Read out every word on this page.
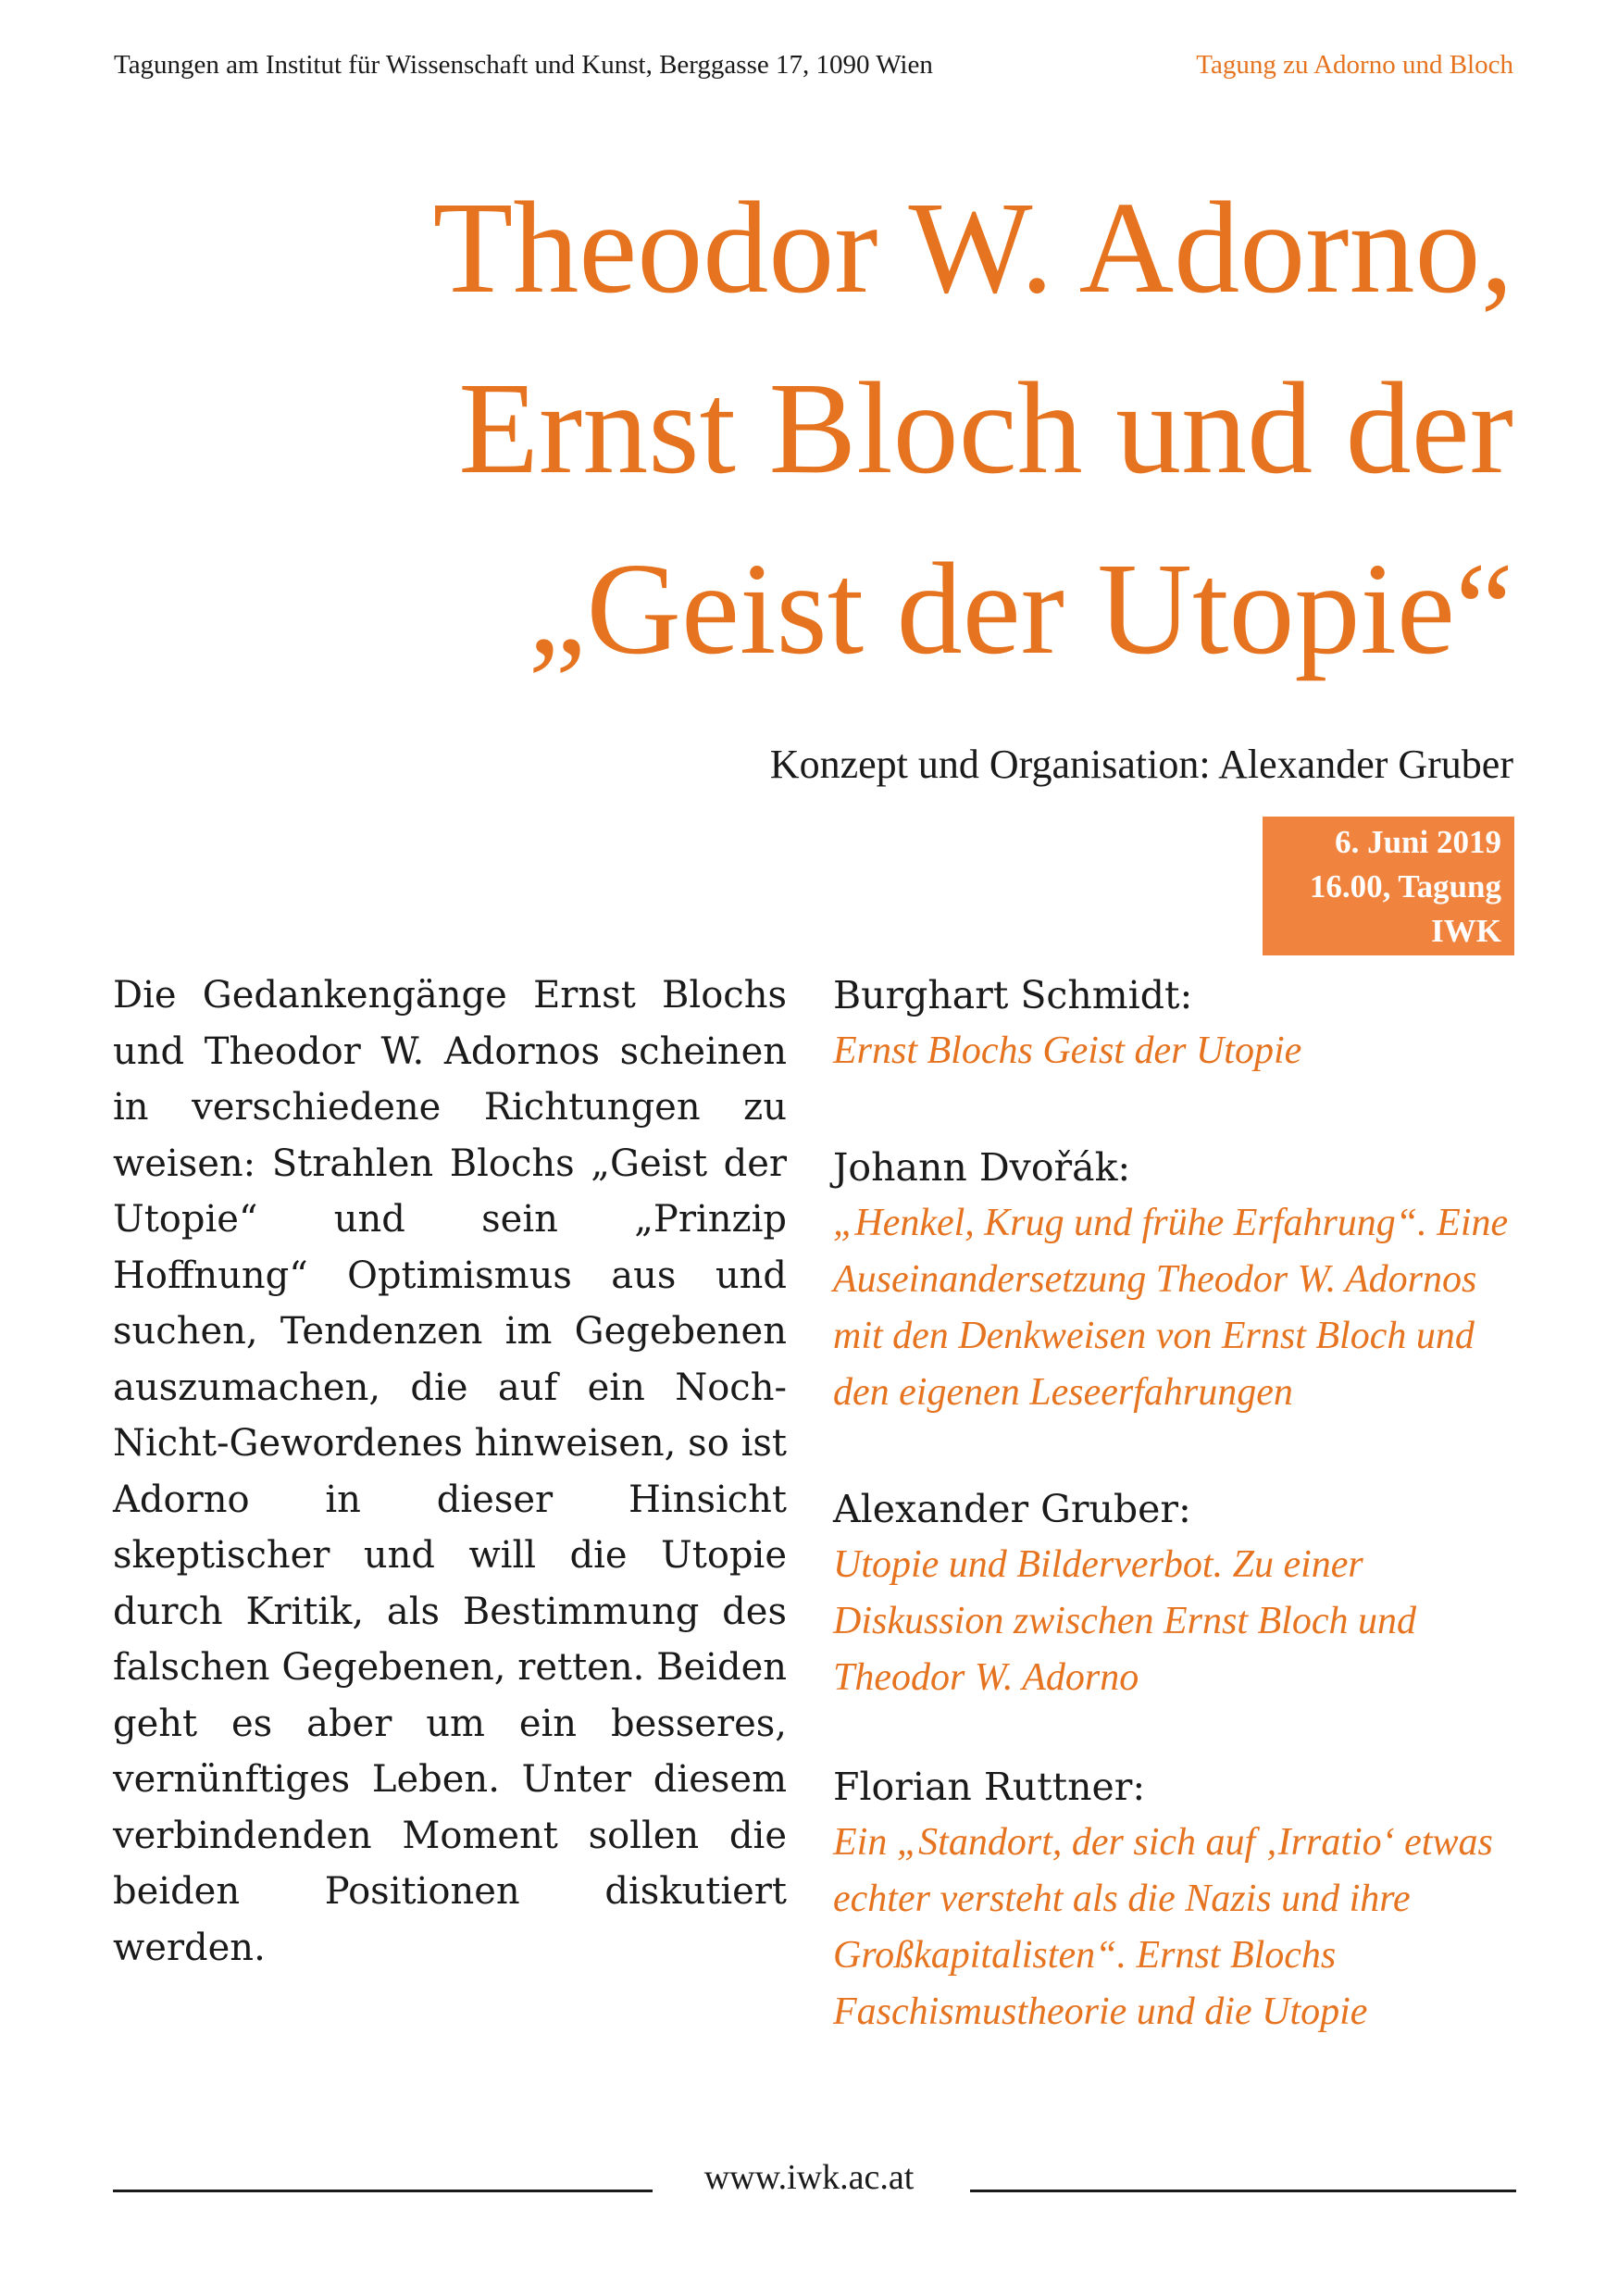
Tagungen am Institut für Wissenschaft und Kunst, Berggasse 17, 1090 Wien	Tagung zu Adorno und Bloch
Theodor W. Adorno,
Ernst Bloch und der
„Geist der Utopie“
Konzept und Organisation: Alexander Gruber
6. Juni 2019
16.00, Tagung
IWK

Die Gedankengänge Ernst Blochs und Theodor W. Adornos scheinen in verschiedene Richtungen zu weisen: Strahlen Blochs „Geist der Utopie“ und sein „Prinzip Hoffnung“ Optimismus aus und suchen, Tendenzen im Gegebenen auszumachen, die auf ein Noch-Nicht-Gewordenes hinweisen, so ist Adorno in dieser Hinsicht skeptischer und will die Utopie durch Kritik, als Bestimmung des falschen Gegebenen, retten. Beiden geht es aber um ein besseres, vernünftiges Leben. Unter diesem verbindenden Moment sollen die beiden Positionen diskutiert werden.

Burghart Schmidt:
Ernst Blochs Geist der Utopie
Johann Dvořák:
„Henkel, Krug und frühe Erfahrung“. Eine Auseinandersetzung Theodor W. Adornos mit den Denkweisen von Ernst Bloch und den eigenen Leseerfahrungen
Alexander Gruber:
Utopie und Bilderverbot. Zu einer Diskussion zwischen Ernst Bloch und Theodor W. Adorno
Florian Ruttner:
Ein „Standort, der sich auf ‚Irratio‘ etwas echter versteht als die Nazis und ihre Großkapitalisten“. Ernst Blochs Faschismustheorie und die Utopie
www.iwk.ac.at
